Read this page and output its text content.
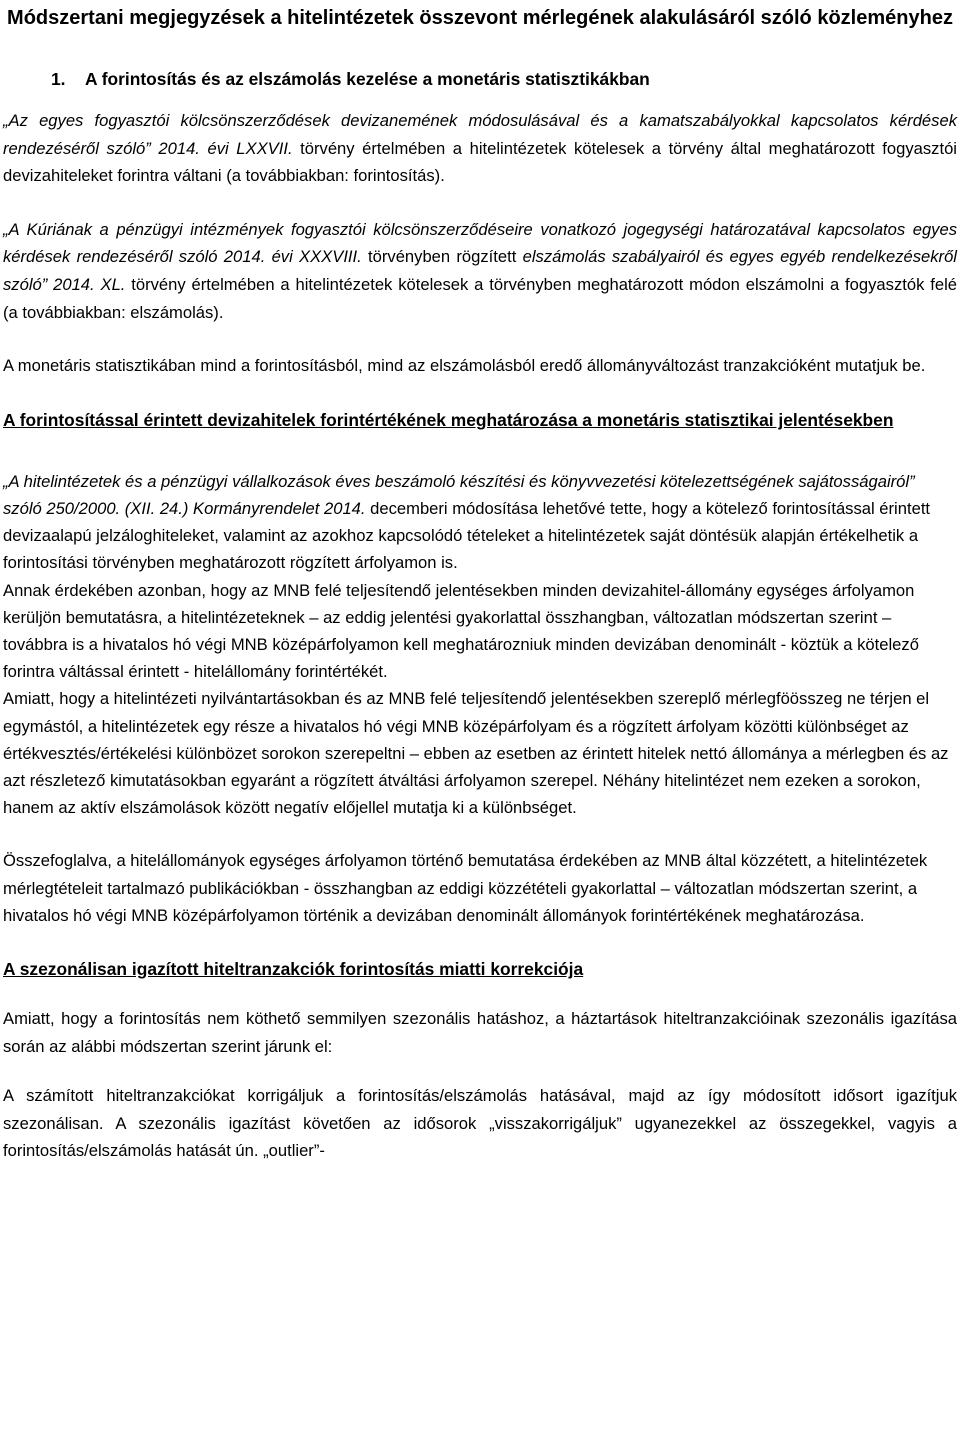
Módszertani megjegyzések a hitelintézetek összevont mérlegének alakulásáról szóló közleményhez
1. A forintosítás és az elszámolás kezelése a monetáris statisztikákban

„Az egyes fogyasztói kölcsönszerződések devizanemének módosulásával és a kamatszabályokkal kapcsolatos kérdések rendezéséről szóló” 2014. évi LXXVII. törvény értelmében a hitelintézetek kötelesek a törvény által meghatározott fogyasztói devizahiteleket forintra váltani (a továbbiakban: forintosítás).

„A Kúriának a pénzügyi intézmények fogyasztói kölcsönszerződéseire vonatkozó jogegységi határozatával kapcsolatos egyes kérdések rendezéséről szóló 2014. évi XXXVIII. törvényben rögzített elszámolás szabályairól és egyes egyéb rendelkezésekről szóló” 2014. XL. törvény értelmében a hitelintézetek kötelesek a törvényben meghatározott módon elszámolni a fogyasztók felé (a továbbiakban: elszámolás).

A monetáris statisztikában mind a forintosításból, mind az elszámolásból eredő állományváltozást tranzakcióként mutatjuk be.

A forintosítással érintett devizahitelek forintértékének meghatározása a monetáris statisztikai jelentésekben

„A hitelintézetek és a pénzügyi vállalkozások éves beszámoló készítési és könyvvezetési kötelezettségének sajátosságairól” szóló 250/2000. (XII. 24.) Kormányrendelet 2014. decemberi módosítása lehetővé tette, hogy a kötelező forintosítással érintett devizaalapú jelzáloghiteleket, valamint az azokhoz kapcsolódó tételeket a hitelintézetek saját döntésük alapján értékelhetik a forintosítási törvényben meghatározott rögzített árfolyamon is.

Annak érdekében azonban, hogy az MNB felé teljesítendő jelentésekben minden devizahitel-állomány egységes árfolyamon kerüljön bemutatásra, a hitelintézeteknek – az eddig jelentési gyakorlattal összhangban, változatlan módszertan szerint – továbbra is a hivatalos hó végi MNB középárfolyamon kell meghatározniuk minden devizában denominált - köztük a kötelező forintra váltással érintett - hitelállomány forintértékét.

Amiatt, hogy a hitelintézeti nyilvántartásokban és az MNB felé teljesítendő jelentésekben szereplő mérlegföösszeg ne térjen el egymástól, a hitelintézetek egy része a hivatalos hó végi MNB középárfolyam és a rögzített árfolyam közötti különbséget az értékvesztés/értékelési különbözet sorokon szerepeltni – ebben az esetben az érintett hitelek nettó állománya a mérlegben és az azt részletező kimutatásokban egyaránt a rögzített átváltási árfolyamon szerepel. Néhány hitelintézet nem ezeken a sorokon, hanem az aktív elszámolások között negatív előjellel mutatja ki a különbséget.

Összefoglalva, a hitelállományok egységes árfolyamon történő bemutatása érdekében az MNB által közzétett, a hitelintézetek mérlegtételeit tartalmazó publikációkban - összhangban az eddigi közzétételi gyakorlattal – változatlan módszertan szerint, a hivatalos hó végi MNB középárfolyamon történik a devizában denominált állományok forintértékének meghatározása.

A szezonálisan igazított hiteltranzakciók forintosítás miatti korrekciója

Amiatt, hogy a forintosítás nem köthető semmilyen szezonális hatáshoz, a háztartások hiteltranzakcióinak szezonális igazítása során az alábbi módszertan szerint járunk el:

A számított hiteltranzakciókat korrigáljuk a forintosítás/elszámolás hatásával, majd az így módosított idősort igazítjuk szezonálisan. A szezonális igazítást követően az idősorok „visszakorrigáljuk” ugyanezekkel az összegekkel, vagyis a forintosítás/elszámolás hatását ún. „outlier”-
